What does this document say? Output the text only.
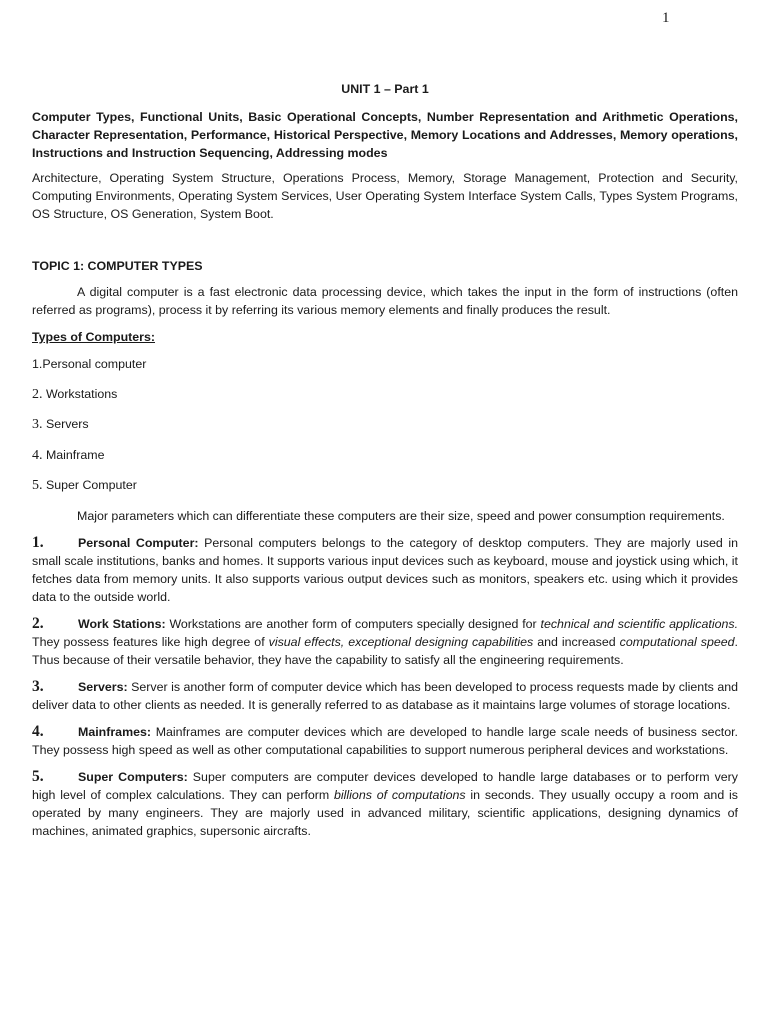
1

UNIT 1 – Part 1

Computer Types, Functional Units, Basic Operational Concepts, Number Representation and Arithmetic Operations, Character Representation, Performance, Historical Perspective, Memory Locations and Addresses, Memory operations, Instructions and Instruction Sequencing, Addressing modes

Architecture, Operating System Structure, Operations Process, Memory, Storage Management, Protection and Security, Computing Environments, Operating System Services, User Operating System Interface System Calls, Types System Programs, OS Structure, OS Generation, System Boot.

TOPIC 1: COMPUTER TYPES

A digital computer is a fast electronic data processing device, which takes the input in the form of instructions (often referred as programs), process it by referring its various memory elements and finally produces the result.

Types of Computers:

1.Personal computer
2. Workstations
3. Servers
4. Mainframe
5. Super Computer

Major parameters which can differentiate these computers are their size, speed and power consumption requirements.

1.	Personal Computer: Personal computers belongs to the category of desktop computers. They are majorly used in small scale institutions, banks and homes. It supports various input devices such as keyboard, mouse and joystick using which, it fetches data from memory units. It also supports various output devices such as monitors, speakers etc. using which it provides data to the outside world.

2.	Work Stations: Workstations are another form of computers specially designed for technical and scientific applications. They possess features like high degree of visual effects, exceptional designing capabilities and increased computational speed. Thus because of their versatile behavior, they have the capability to satisfy all the engineering requirements.

3.	Servers: Server is another form of computer device which has been developed to process requests made by clients and deliver data to other clients as needed. It is generally referred to as database as it maintains large volumes of storage locations.

4.	Mainframes: Mainframes are computer devices which are developed to handle large scale needs of business sector. They possess high speed as well as other computational capabilities to support numerous peripheral devices and workstations.

5.	Super Computers: Super computers are computer devices developed to handle large databases or to perform very high level of complex calculations. They can perform billions of computations in seconds. They usually occupy a room and is operated by many engineers. They are majorly used in advanced military, scientific applications, designing dynamics of machines, animated graphics, supersonic aircrafts.
